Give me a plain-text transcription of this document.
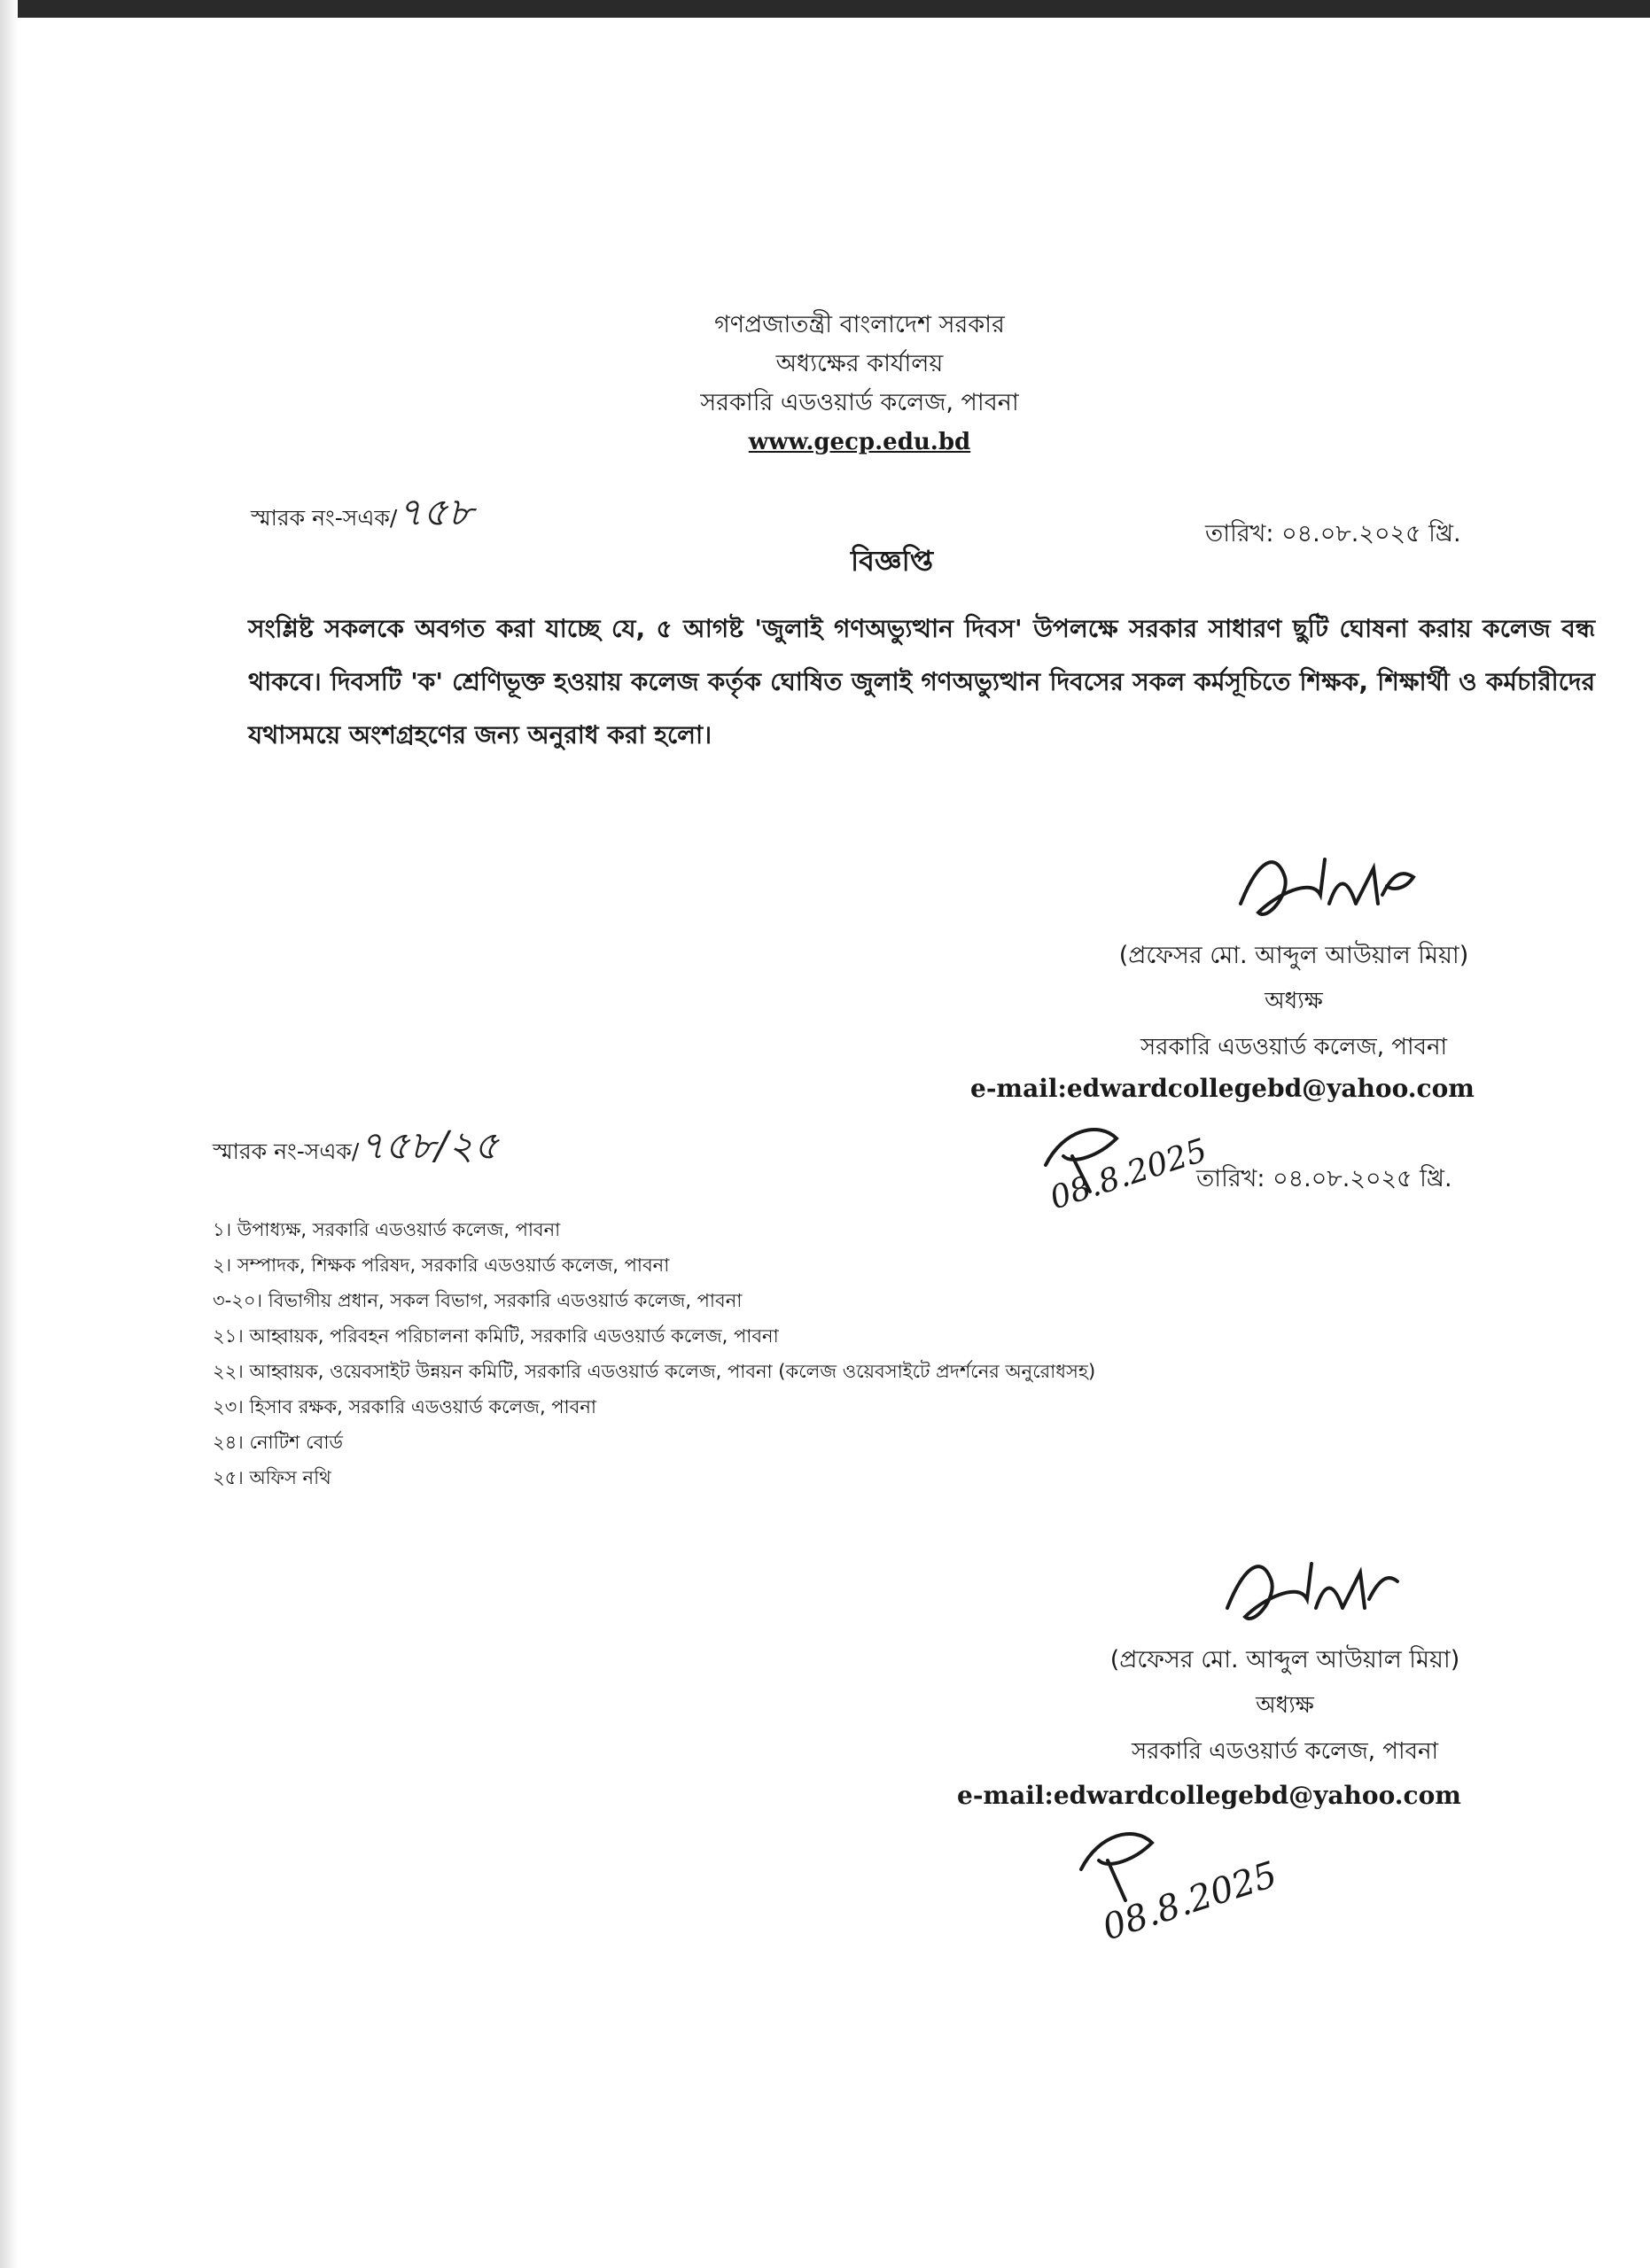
গণপ্রজাতন্ত্রী বাংলাদেশ সরকার
অধ্যক্ষের কার্যালয়
সরকারি এডওয়ার্ড কলেজ, পাবনা
www.gecp.edu.bd
স্মারক নং-সএক/৭৫৮	তারিখ: ০৪.০৮.২০২৫ খ্রি.
বিজ্ঞপ্তি
সংশ্লিষ্ট সকলকে অবগত করা যাচ্ছে যে, ৫ আগষ্ট 'জুলাই গণঅভ্যুত্থান দিবস' উপলক্ষে সরকার সাধারণ ছুটি ঘোষনা করায় কলেজ বন্ধ থাকবে। দিবসটি 'ক' শ্রেণিভূক্ত হওয়ায় কলেজ কর্তৃক ঘোষিত জুলাই গণঅভ্যুত্থান দিবসের সকল কর্মসূচিতে শিক্ষক, শিক্ষার্থী ও কর্মচারীদের যথাসময়ে অংশগ্রহণের জন্য অনুরাধ করা হলো।
(প্রফেসর মো. আব্দুল আউয়াল মিয়া)
অধ্যক্ষ
সরকারি এডওয়ার্ড কলেজ, পাবনা
e-mail:edwardcollegebd@yahoo.com
স্মারক নং-সএক/৭৫৮/২৫	08.8.2025
তারিখ: ০৪.০৮.২০২৫ খ্রি.
১। উপাধ্যক্ষ, সরকারি এডওয়ার্ড কলেজ, পাবনা
২। সম্পাদক, শিক্ষক পরিষদ, সরকারি এডওয়ার্ড কলেজ, পাবনা
৩-২০। বিভাগীয় প্রধান, সকল বিভাগ, সরকারি এডওয়ার্ড কলেজ, পাবনা
২১। আহ্বায়ক, পরিবহন পরিচালনা কমিটি, সরকারি এডওয়ার্ড কলেজ, পাবনা
২২। আহ্বায়ক, ওয়েবসাইট উন্নয়ন কমিটি, সরকারি এডওয়ার্ড কলেজ, পাবনা (কলেজ ওয়েবসাইটে প্রদর্শনের অনুরোধসহ)
২৩। হিসাব রক্ষক, সরকারি এডওয়ার্ড কলেজ, পাবনা
২৪। নোটিশ বোর্ড
২৫। অফিস নথি
(প্রফেসর মো. আব্দুল আউয়াল মিয়া)
অধ্যক্ষ
সরকারি এডওয়ার্ড কলেজ, পাবনা
e-mail:edwardcollegebd@yahoo.com
08.8.2025
